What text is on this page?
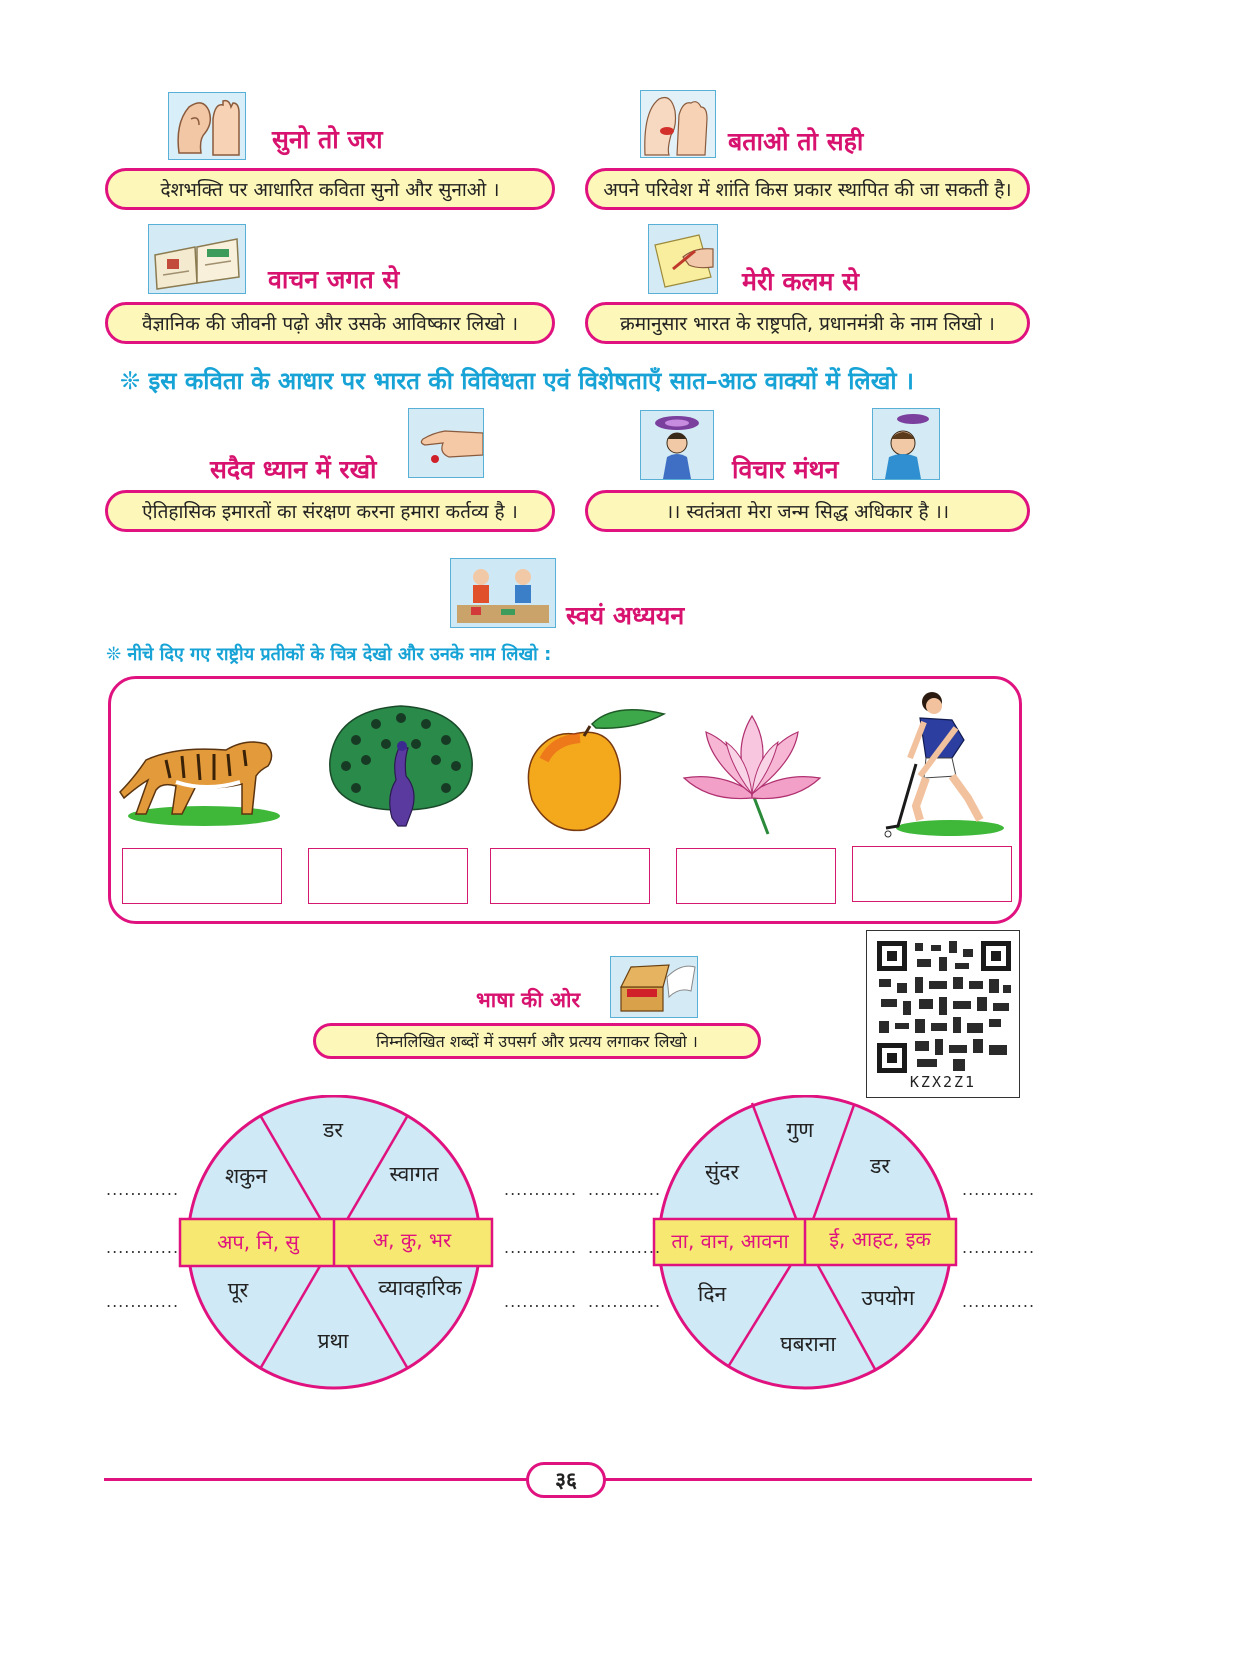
सुनो तो जरा
देशभक्ति पर आधारित कविता सुनो और सुनाओ ।
बताओ तो सही
अपने परिवेश में शांति किस प्रकार स्थापित की जा सकती है।
वाचन जगत से
वैज्ञानिक की जीवनी पढ़ो और उसके आविष्कार लिखो ।
मेरी कलम से
क्रमानुसार भारत के राष्ट्रपति, प्रधानमंत्री के नाम लिखो ।
❊ इस कविता के आधार पर भारत की विविधता एवं विशेषताएँ सात–आठ वाक्यों में लिखो ।
सदैव ध्यान में रखो
ऐतिहासिक इमारतों का संरक्षण करना हमारा कर्तव्य है ।
विचार मंथन
।। स्वतंत्रता मेरा जन्म सिद्ध अधिकार है ।।
स्वयं अध्ययन
❊ नीचे दिए गए राष्ट्रीय प्रतीकों के चित्र देखो और उनके नाम लिखो :
भाषा की ओर
निम्नलिखित शब्दों में उपसर्ग और प्रत्यय लगाकर लिखो ।
KZX2Z1
डर
स्वागत
व्यावहारिक
प्रथा
पूर
शकुन
अप, नि, सु	अ, कु, भर
गुण
डर
उपयोग
घबराना
दिन
सुंदर
ता, वान, आवना ई, आहट, इक
............
............
............
............
............
............
............
............
............
............
............
............
३६
